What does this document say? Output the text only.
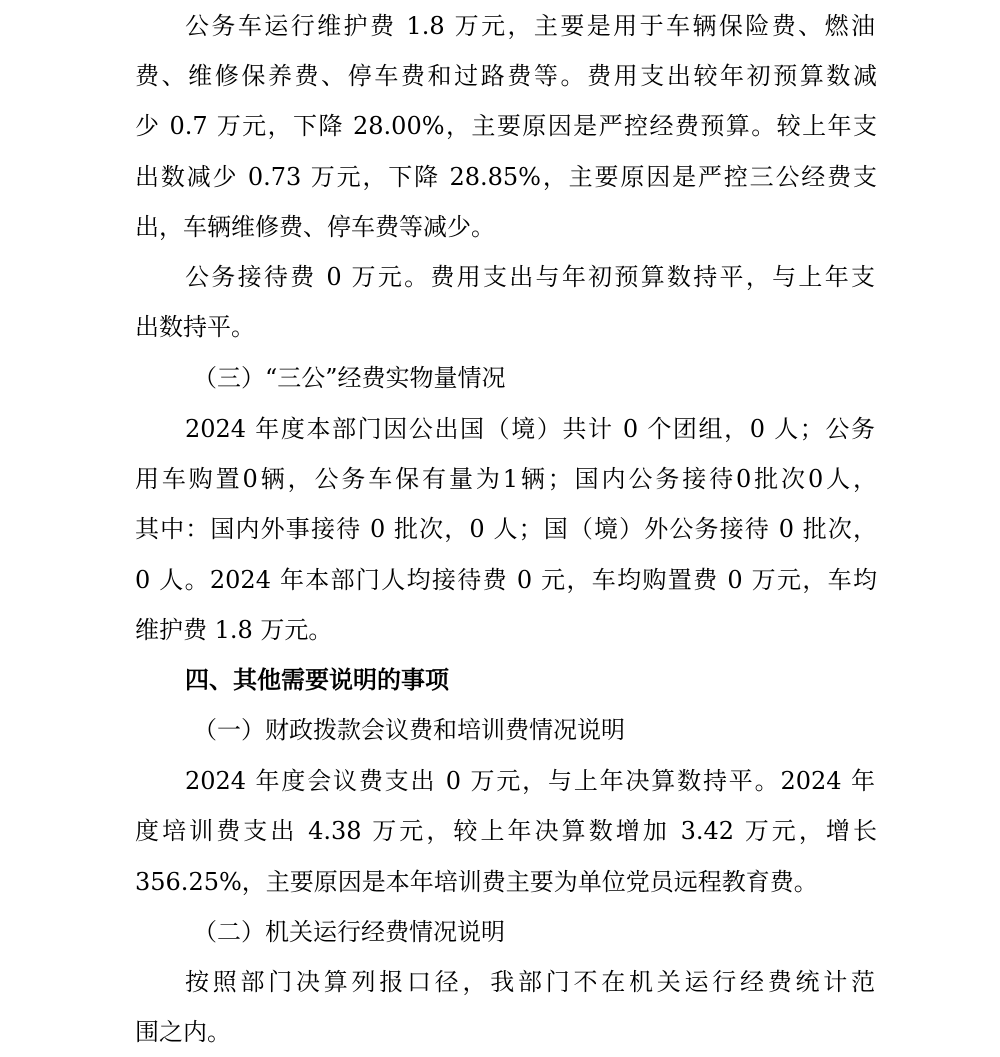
公务车运行维护费 1.8 万元，主要是用于车辆保险费、燃油
费、维修保养费、停车费和过路费等。费用支出较年初预算数减
少 0.7 万元，下降 28.00%，主要原因是严控经费预算。较上年支
出数减少 0.73 万元，下降 28.85%，主要原因是严控三公经费支
出，车辆维修费、停车费等减少。
公务接待费 0 万元。费用支出与年初预算数持平，与上年支
出数持平。
（三）“三公”经费实物量情况
2024 年度本部门因公出国（境）共计 0 个团组，0 人；公务
用车购置0辆，公务车保有量为1辆；国内公务接待0批次0人，
其中：国内外事接待 0 批次，0 人；国（境）外公务接待 0 批次，
0 人。2024 年本部门人均接待费 0 元，车均购置费 0 万元，车均
维护费 1.8 万元。
四、其他需要说明的事项
（一）财政拨款会议费和培训费情况说明
2024 年度会议费支出 0 万元，与上年决算数持平。2024 年
度培训费支出 4.38 万元，较上年决算数增加 3.42 万元，增长
356.25%，主要原因是本年培训费主要为单位党员远程教育费。
（二）机关运行经费情况说明
按照部门决算列报口径，我部门不在机关运行经费统计范
围之内。
